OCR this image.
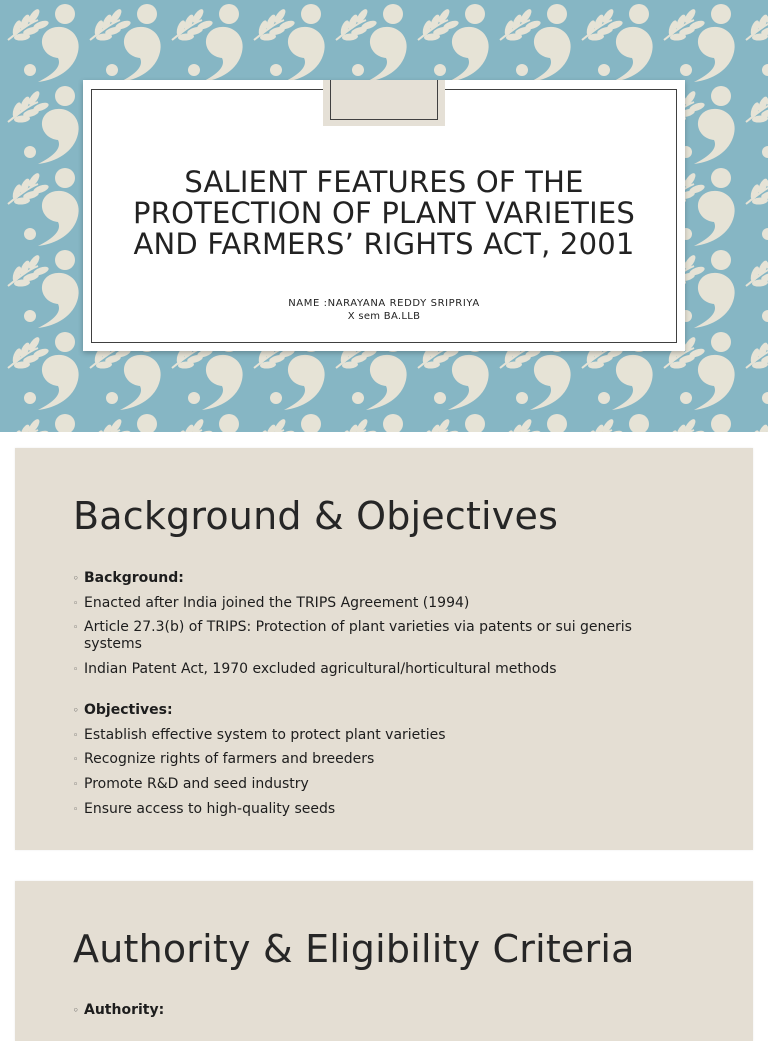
SALIENT FEATURES OF THE
PROTECTION OF PLANT VARIETIES
AND FARMERS’ RIGHTS ACT, 2001
NAME :NARAYANA REDDY SRIPRIYA
X sem BA.LLB
Background & Objectives
◦ Background:
◦ Enacted after India joined the TRIPS Agreement (1994)
◦ Article 27.3(b) of TRIPS: Protection of plant varieties via patents or sui generis systems
◦ Indian Patent Act, 1970 excluded agricultural/horticultural methods
◦ Objectives:
◦ Establish effective system to protect plant varieties
◦ Recognize rights of farmers and breeders
◦ Promote R&D and seed industry
◦ Ensure access to high-quality seeds
Authority & Eligibility Criteria
◦ Authority:
